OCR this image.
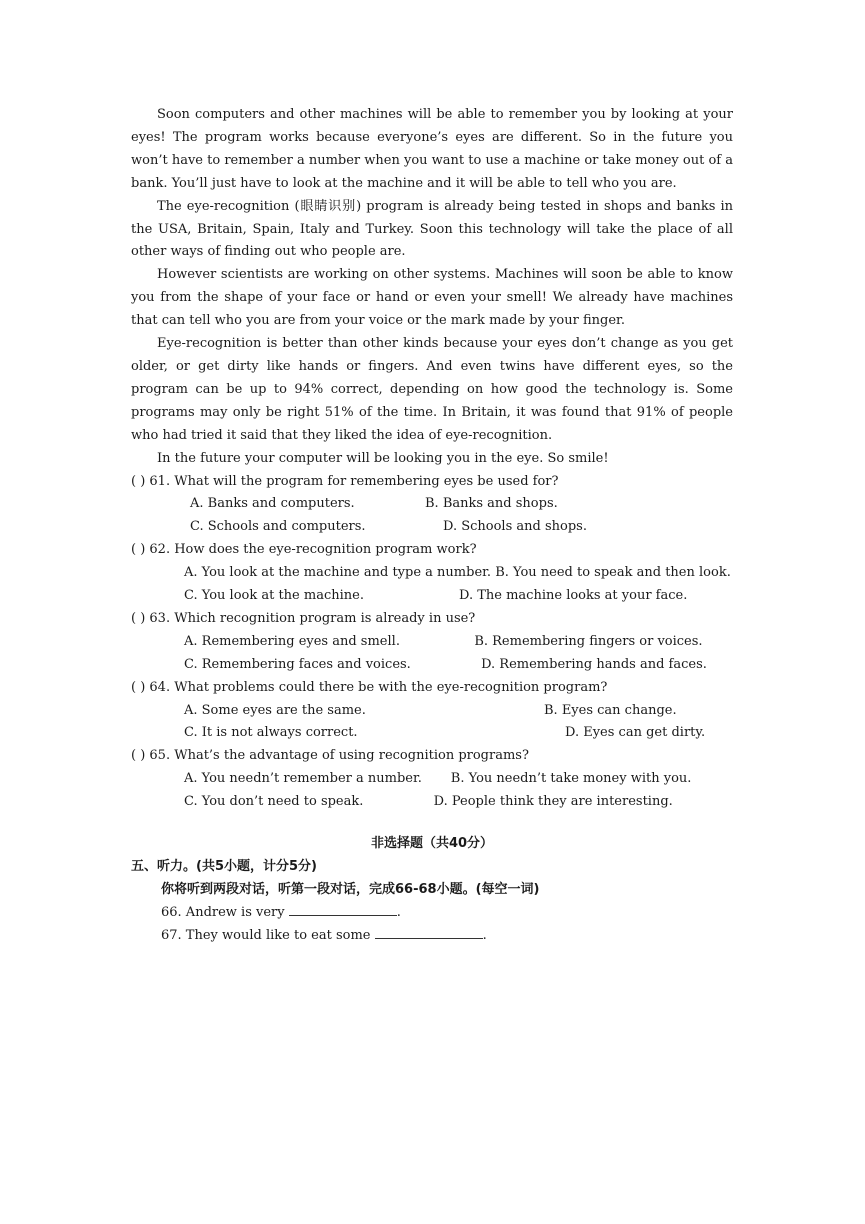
Soon computers and other machines will be able to remember you by looking at your eyes! The program works because everyone’s eyes are different. So in the future you won’t have to remember a number when you want to use a machine or take money out of a bank. You’ll just have to look at the machine and it will be able to tell who you are.

The eye-recognition (眼睛识别) program is already being tested in shops and banks in the USA, Britain, Spain, Italy and Turkey. Soon this technology will take the place of all other ways of finding out who people are.

However scientists are working on other systems. Machines will soon be able to know you from the shape of your face or hand or even your smell! We already have machines that can tell who you are from your voice or the mark made by your finger.

Eye-recognition is better than other kinds because your eyes don’t change as you get older, or get dirty like hands or fingers. And even twins have different eyes, so the program can be up to 94% correct, depending on how good the technology is. Some programs may only be right 51% of the time. In Britain, it was found that 91% of people who had tried it said that they liked the idea of eye-recognition.

In the future your computer will be looking you in the eye. So smile!

( ) 61. What will the program for remembering eyes be used for?

A. Banks and computers.	B. Banks and shops.
C. Schools and computers.	D. Schools and shops.

( ) 62. How does the eye-recognition program work?

A. You look at the machine and type a number. B. You need to speak and then look.

C. You look at the machine.                       D. The machine looks at your face.

( ) 63. Which recognition program is already in use?

A. Remembering eyes and smell.                  B. Remembering fingers or voices.

C. Remembering faces and voices.                 D. Remembering hands and faces.

( ) 64. What problems could there be with the eye-recognition program?

A. Some eyes are the same.	B. Eyes can change.
C. It is not always correct.	D. Eyes can get dirty.

( ) 65. What’s the advantage of using recognition programs?

A. You needn’t remember a number.       B. You needn’t take money with you.

C. You don’t need to speak.                 D. People think they are interesting.

非选择题（共40分）

五、听力。(共5小题，计分5分)

你将听到两段对话，听第一段对话，完成66-68小题。(每空一词)

66. Andrew is very	.

67. They would like to eat some	.
